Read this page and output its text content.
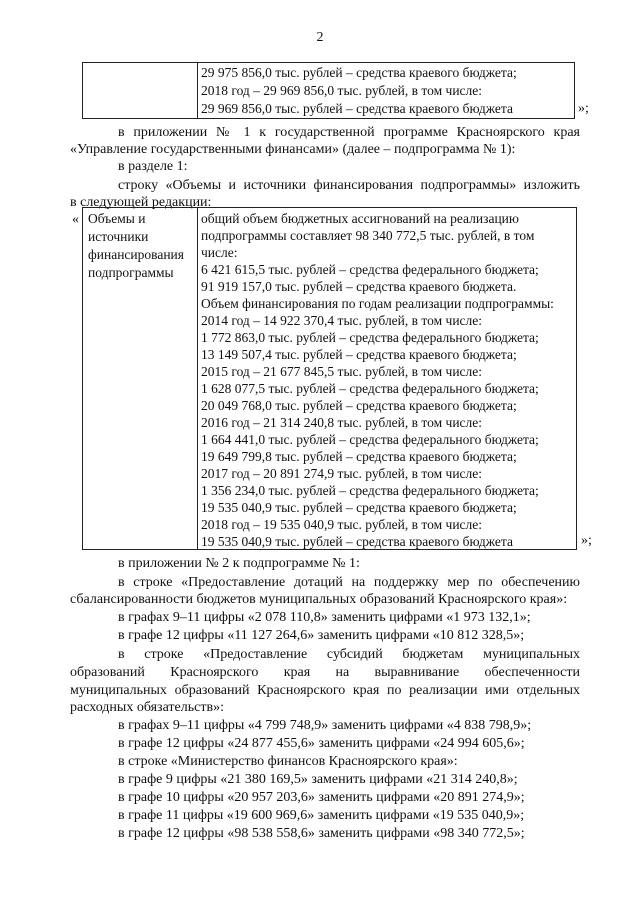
2
29 975 856,0 тыс. рублей – средства краевого бюджета;
2018 год – 29 969 856,0 тыс. рублей, в том числе:
29 969 856,0 тыс. рублей – средства краевого бюджета	»;
в приложении № 1 к государственной программе Красноярского края
«Управление государственными финансами» (далее – подпрограмма № 1):
в разделе 1:
строку «Объемы и источники финансирования подпрограммы» изложить
в следующей редакции:
« Объемы и
источники
финансирования
подпрограммы
общий объем бюджетных ассигнований на реализацию
подпрограммы составляет 98 340 772,5 тыс. рублей, в том
числе:
6 421 615,5 тыс. рублей – средства федерального бюджета;
91 919 157,0 тыс. рублей – средства краевого бюджета.
Объем финансирования по годам реализации подпрограммы:
2014 год – 14 922 370,4 тыс. рублей, в том числе:
1 772 863,0 тыс. рублей – средства федерального бюджета;
13 149 507,4 тыс. рублей – средства краевого бюджета;
2015 год – 21 677 845,5 тыс. рублей, в том числе:
1 628 077,5 тыс. рублей – средства федерального бюджета;
20 049 768,0 тыс. рублей – средства краевого бюджета;
2016 год – 21 314 240,8 тыс. рублей, в том числе:
1 664 441,0 тыс. рублей – средства федерального бюджета;
19 649 799,8 тыс. рублей – средства краевого бюджета;
2017 год – 20 891 274,9 тыс. рублей, в том числе:
1 356 234,0 тыс. рублей – средства федерального бюджета;
19 535 040,9 тыс. рублей – средства краевого бюджета;
2018 год – 19 535 040,9 тыс. рублей, в том числе:
19 535 040,9 тыс. рублей – средства краевого бюджета	»;
в приложении № 2 к подпрограмме № 1:
в строке «Предоставление дотаций на поддержку мер по обеспечению
сбалансированности бюджетов муниципальных образований Красноярского края»:
в графах 9–11 цифры «2 078 110,8» заменить цифрами «1 973 132,1»;
в графе 12 цифры «11 127 264,6» заменить цифрами «10 812 328,5»;
в строке «Предоставление субсидий бюджетам муниципальных
образований Красноярского края на выравнивание обеспеченности
муниципальных образований Красноярского края по реализации ими отдельных
расходных обязательств»:
в графах 9–11 цифры «4 799 748,9» заменить цифрами «4 838 798,9»;
в графе 12 цифры «24 877 455,6» заменить цифрами «24 994 605,6»;
в строке «Министерство финансов Красноярского края»:
в графе 9 цифры «21 380 169,5» заменить цифрами «21 314 240,8»;
в графе 10 цифры «20 957 203,6» заменить цифрами «20 891 274,9»;
в графе 11 цифры «19 600 969,6» заменить цифрами «19 535 040,9»;
в графе 12 цифры «98 538 558,6» заменить цифрами «98 340 772,5»;
